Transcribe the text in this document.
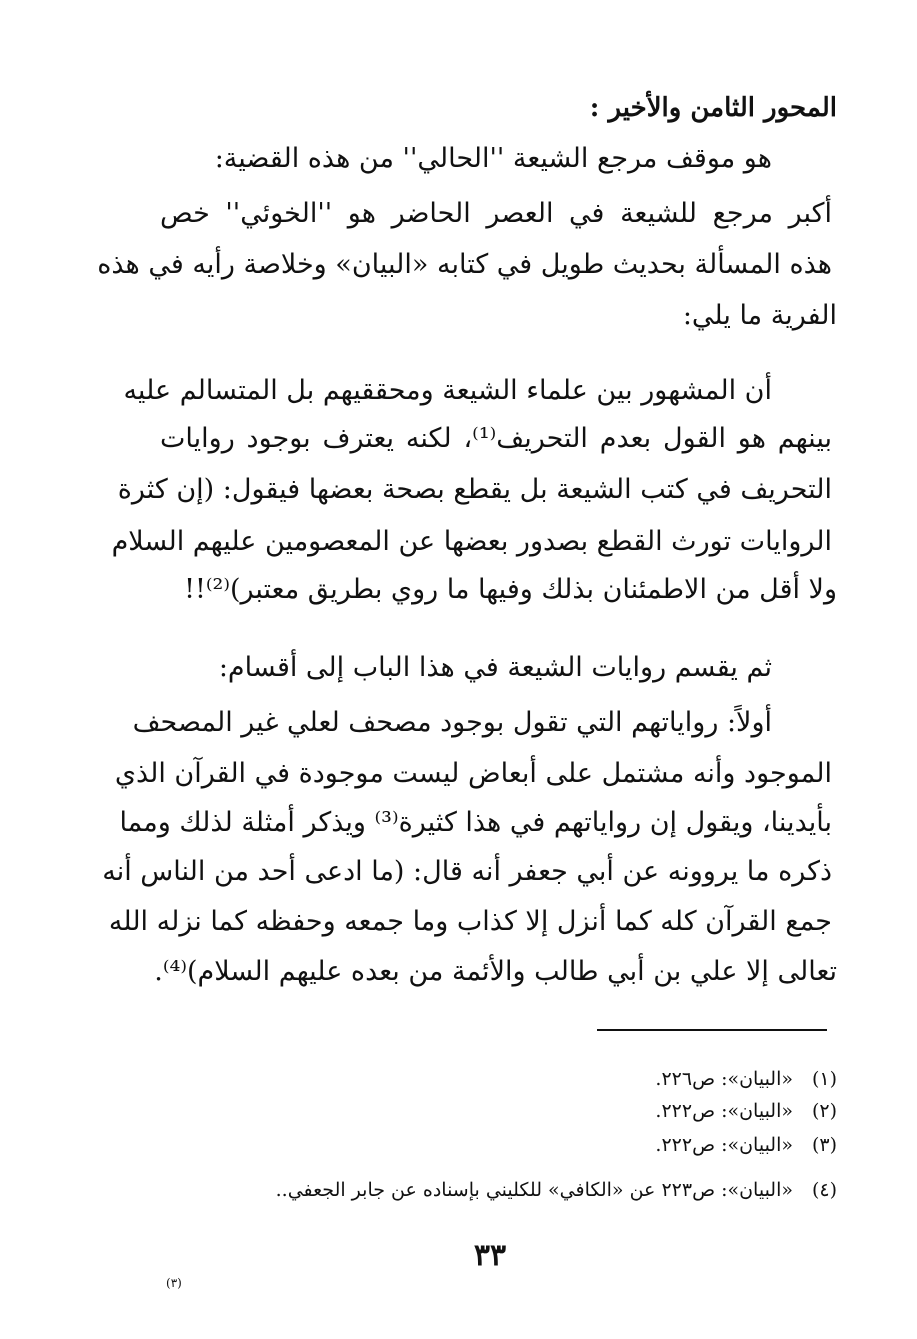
المحور الثامن والأخير :
هو موقف مرجع الشيعة ''الحالي'' من هذه القضية:
أكبر مرجع للشيعة في العصر الحاضر هو ''الخوئي'' خص
هذه المسألة بحديث طويل في كتابه «البيان» وخلاصة رأيه في هذه
الفرية ما يلي:
أن المشهور بين علماء الشيعة ومحققيهم بل المتسالم عليه
بينهم هو القول بعدم التحريف⁽¹⁾، لكنه يعترف بوجود روايات
التحريف في كتب الشيعة بل يقطع بصحة بعضها فيقول: (إن كثرة
الروايات تورث القطع بصدور بعضها عن المعصومين عليهم السلام
ولا أقل من الاطمئنان بذلك وفيها ما روي بطريق معتبر)⁽²⁾!!
ثم يقسم روايات الشيعة في هذا الباب إلى أقسام:
أولاً: رواياتهم التي تقول بوجود مصحف لعلي غير المصحف
الموجود وأنه مشتمل على أبعاض ليست موجودة في القرآن الذي
بأيدينا، ويقول إن رواياتهم في هذا كثيرة⁽³⁾ ويذكر أمثلة لذلك ومما
ذكره ما يروونه عن أبي جعفر أنه قال: (ما ادعى أحد من الناس أنه
جمع القرآن كله كما أنزل إلا كذاب وما جمعه وحفظه كما نزله الله
تعالى إلا علي بن أبي طالب والأئمة من بعده عليهم السلام)⁽⁴⁾.
(١)«البيان»: ص٢٢٦.
(٢)«البيان»: ص٢٢٢.
(٣)«البيان»: ص٢٢٢.
(٤)«البيان»: ص٢٢٣ عن «الكافي» للكليني بإسناده عن جابر الجعفي..
٣٣
(٣)
